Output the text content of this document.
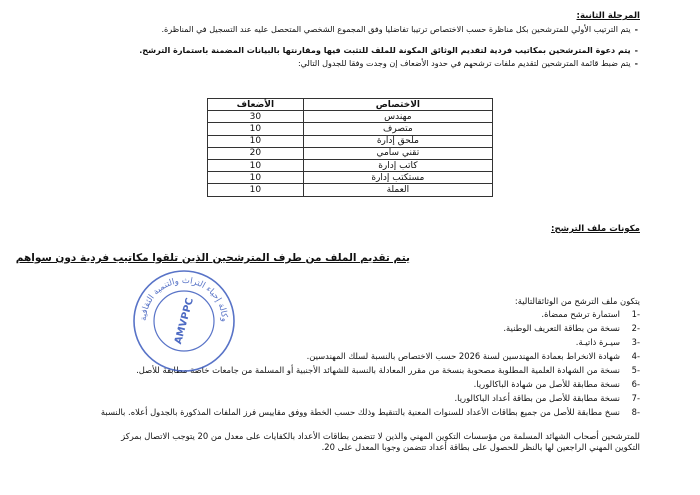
المرحلة الثانية:
-يتم الترتيب الأولي للمترشحين بكل مناظرة حسب الاختصاص ترتيبا تفاضليا وفق المجموع الشخصي المتحصل عليه عند التسجيل في المناظرة.
-يتم دعوة المترشحين بمكاتيب فردية لتقديم الوثائق المكونة للملف للتثبت فيها ومقارنتها بالبيانات المضمنة باستمارة الترشح.
-يتم ضبط قائمة المترشحين لتقديم ملفات ترشحهم في حدود الأضعاف إن وجدت وفقا للجدول التالي:
الاختصاص	الأضعاف
مهندس	30
متصرف	10
ملحق إدارة	10
تقني سامي	20
كاتب إدارة	10
مستكتب إدارة	10
العملة	10
مكونات ملف الترشح:
يتم تقديم الملف من طرف المترشحين الذين تلقوا مكاتيب فردية دون سواهم
يتكون ملف الترشح من الوثائقالتالية:
-1استمارة ترشح ممضاة.
-2نسخة من بطاقة التعريف الوطنية.
-3سيـرة ذاتيـة.
-4شهادة الانخراط بعمادة المهندسين لسنة 2026 حسب الاختصاص بالنسبة لسلك المهندسين.
-5نسخة من الشهادة العلمية المطلوبة مصحوبة بنسخة من مقرر المعادلة بالنسبة للشهائد الأجنبية أو المسلمة من جامعات خاصة مطابقة للأصل.
-6نسخة مطابقة للأصل من شهادة الباكالوريا.
-7نسخة مطابقة للأصل من بطاقة أعداد الباكالوريا.
-8نسخ مطابقة للأصل من جميع بطاقات الأعداد للسنوات المعنية بالتنقيط وذلك حسب الخطة ووفق مقاييس فرز الملفات المذكورة بالجدول أعلاه. بالنسبة
للمترشحين أصحاب الشهائد المسلمة من مؤسسات التكوين المهني والذين لا تتضمن بطاقات الأعداد بالكفايات على معدل من 20 يتوجب الاتصال بمركز
التكوين المهني الراجعين لها بالنظر للحصول على بطاقة أعداد تتضمن وجوبا المعدل على 20.
وكالة إحياء التراث والتنمية الثقافية
AMVPPC
